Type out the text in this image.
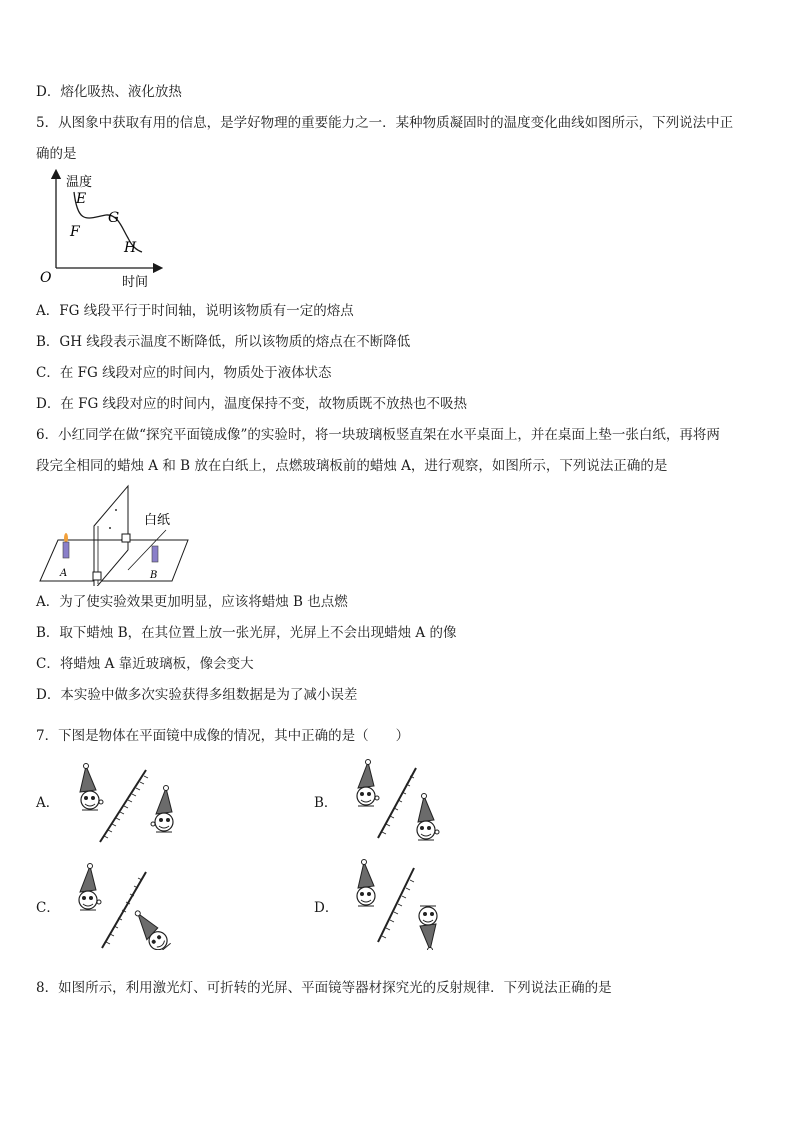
D．熔化吸热、液化放热
5．从图象中获取有用的信息，是学好物理的重要能力之一．某种物质凝固时的温度变化曲线如图所示，下列说法中正
确的是
温度
时间
O
E
F
G
H
A．FG 线段平行于时间轴，说明该物质有一定的熔点
B．GH 线段表示温度不断降低，所以该物质的熔点在不断降低
C．在 FG 线段对应的时间内，物质处于液体状态
D．在 FG 线段对应的时间内，温度保持不变，故物质既不放热也不吸热
6．小红同学在做“探究平面镜成像”的实验时，将一块玻璃板竖直架在水平桌面上，并在桌面上垫一张白纸，再将两
段完全相同的蜡烛 A 和 B 放在白纸上，点燃玻璃板前的蜡烛 A，进行观察，如图所示，下列说法正确的是
白纸
A	B
A．为了使实验效果更加明显，应该将蜡烛 B 也点燃
B．取下蜡烛 B，在其位置上放一张光屏，光屏上不会出现蜡烛 A 的像
C．将蜡烛 A 靠近玻璃板，像会变大
D．本实验中做多次实验获得多组数据是为了减小误差
7．下图是物体在平面镜中成像的情况，其中正确的是（　　）
A．	B．
C．	D．
8．如图所示，利用激光灯、可折转的光屏、平面镜等器材探究光的反射规律．下列说法正确的是
